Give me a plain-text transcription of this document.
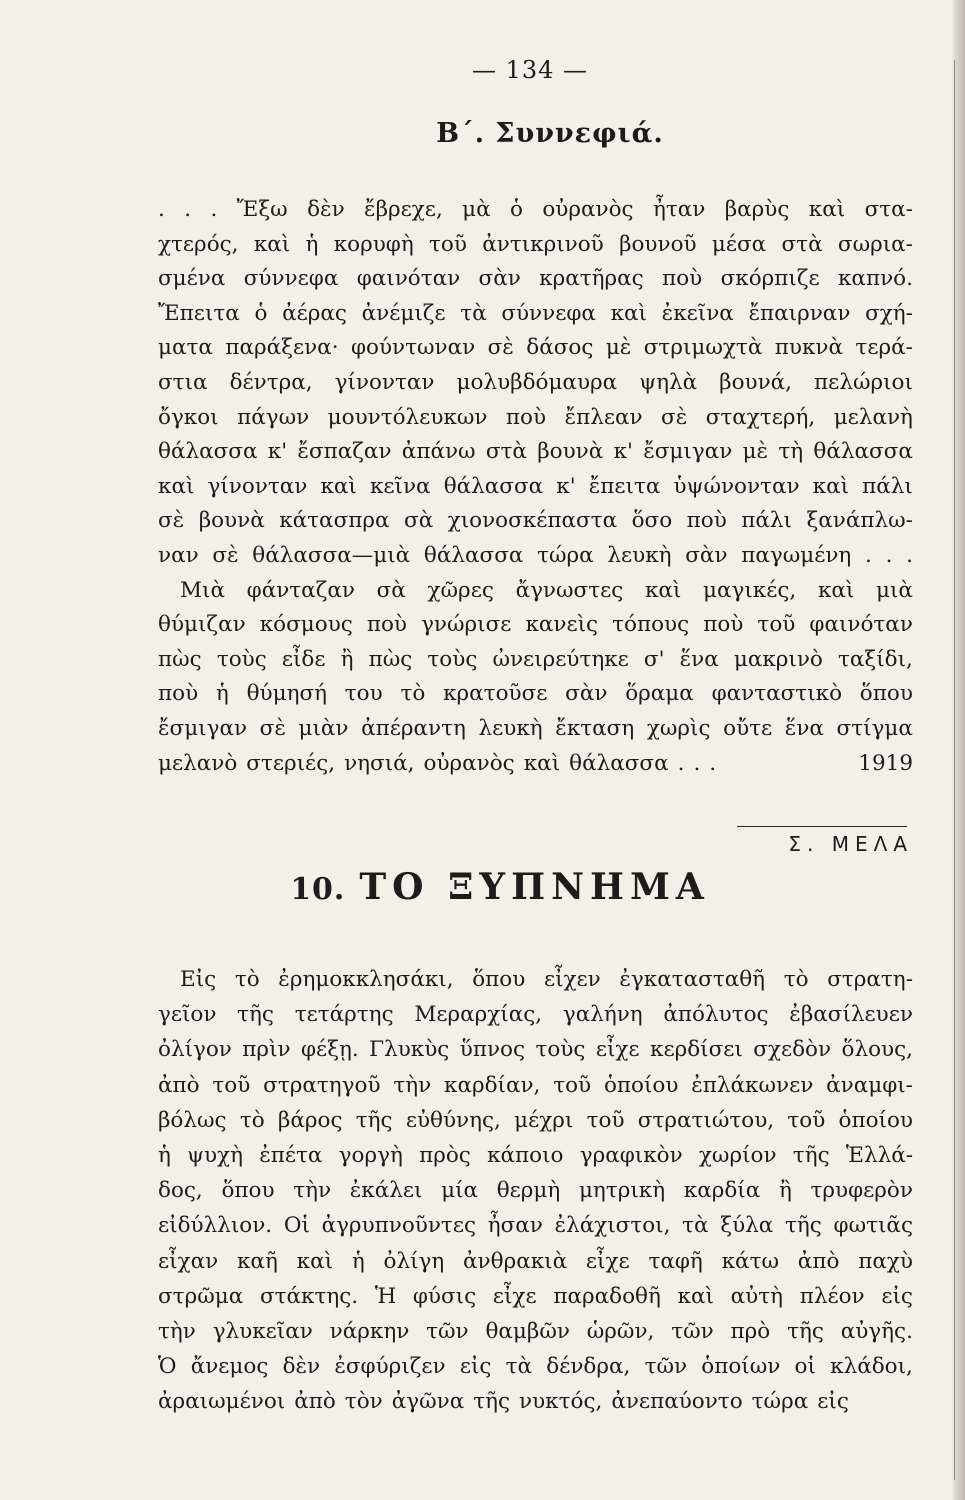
— 134 —
Β΄. Συννεφιά.
. . . Ἔξω δὲν ἔβρεχε, μὰ ὁ οὐρανὸς ἦταν βαρὺς καὶ στα-
χτερός, καὶ ἡ κορυφὴ τοῦ ἀντικρινοῦ βουνοῦ μέσα στὰ σωρια-
σμένα σύννεφα φαινόταν σὰν κρατῆρας ποὺ σκόρπιζε καπνό.
Ἔπειτα ὁ ἀέρας ἀνέμιζε τὰ σύννεφα καὶ ἐκεῖνα ἔπαιρναν σχή-
ματα παράξενα· φούντωναν σὲ δάσος μὲ στριμωχτὰ πυκνὰ τερά-
στια δέντρα, γίνονταν μολυβδόμαυρα ψηλὰ βουνά, πελώριοι
ὄγκοι πάγων μουντόλευκων ποὺ ἔπλεαν σὲ σταχτερή, μελανὴ
θάλασσα κ' ἔσπαζαν ἀπάνω στὰ βουνὰ κ' ἔσμιγαν μὲ τὴ θάλασσα
καὶ γίνονταν καὶ κεῖνα θάλασσα κ' ἔπειτα ὑψώνονταν καὶ πάλι
σὲ βουνὰ κάτασπρα σὰ χιονοσκέπαστα ὅσο ποὺ πάλι ξανάπλω-
ναν σὲ θάλασσα—μιὰ θάλασσα τώρα λευκὴ σὰν παγωμένη . . .
Μιὰ φάνταζαν σὰ χῶρες ἄγνωστες καὶ μαγικές, καὶ μιὰ
θύμιζαν κόσμους ποὺ γνώρισε κανεὶς τόπους ποὺ τοῦ φαινόταν
πὼς τοὺς εἶδε ἢ πὼς τοὺς ὠνειρεύτηκε σ' ἕνα μακρινὸ ταξίδι,
ποὺ ἡ θύμησή του τὸ κρατοῦσε σὰν ὅραμα φανταστικὸ ὅπου
ἔσμιγαν σὲ μιὰν ἀπέραντη λευκὴ ἔκταση χωρὶς οὔτε ἕνα στίγμα
μελανὸ στεριές, νησιά, οὐρανὸς καὶ θάλασσα . . .	1919
Σ. ΜΕΛΑ
10. ΤΟ ΞΥΠΝΗΜΑ
Εἰς τὸ ἐρημοκκλησάκι, ὅπου εἶχεν ἐγκατασταθῆ τὸ στρατη-
γεῖον τῆς τετάρτης Μεραρχίας, γαλήνη ἀπόλυτος ἐβασίλευεν
ὀλίγον πρὶν φέξῃ. Γλυκὺς ὕπνος τοὺς εἶχε κερδίσει σχεδὸν ὅλους,
ἀπὸ τοῦ στρατηγοῦ τὴν καρδίαν, τοῦ ὁποίου ἐπλάκωνεν ἀναμφι-
βόλως τὸ βάρος τῆς εὐθύνης, μέχρι τοῦ στρατιώτου, τοῦ ὁποίου
ἡ ψυχὴ ἐπέτα γοργὴ πρὸς κάποιο γραφικὸν χωρίον τῆς Ἑλλά-
δος, ὅπου τὴν ἐκάλει μία θερμὴ μητρικὴ καρδία ἢ τρυφερὸν
εἰδύλλιον. Οἱ ἀγρυπνοῦντες ἦσαν ἐλάχιστοι, τὰ ξύλα τῆς φωτιᾶς
εἶχαν καῆ καὶ ἡ ὀλίγη ἀνθρακιὰ εἶχε ταφῆ κάτω ἀπὸ παχὺ
στρῶμα στάκτης. Ἡ φύσις εἶχε παραδοθῆ καὶ αὐτὴ πλέον εἰς
τὴν γλυκεῖαν νάρκην τῶν θαμβῶν ὡρῶν, τῶν πρὸ τῆς αὐγῆς.
Ὁ ἄνεμος δὲν ἐσφύριζεν εἰς τὰ δένδρα, τῶν ὁποίων οἱ κλάδοι,
ἀραιωμένοι ἀπὸ τὸν ἀγῶνα τῆς νυκτός, ἀνεπαύοντο τώρα εἰς
